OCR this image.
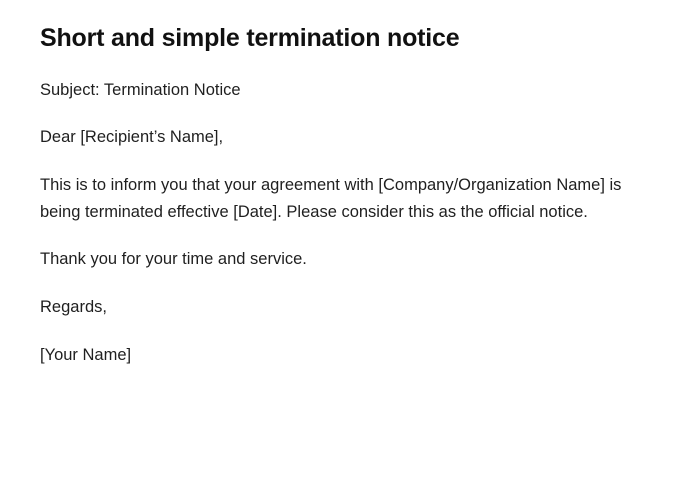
Short and simple termination notice

Subject: Termination Notice

Dear [Recipient’s Name],

This is to inform you that your agreement with [Company/Organization Name] is being terminated effective [Date]. Please consider this as the official notice.

Thank you for your time and service.

Regards,

[Your Name]
